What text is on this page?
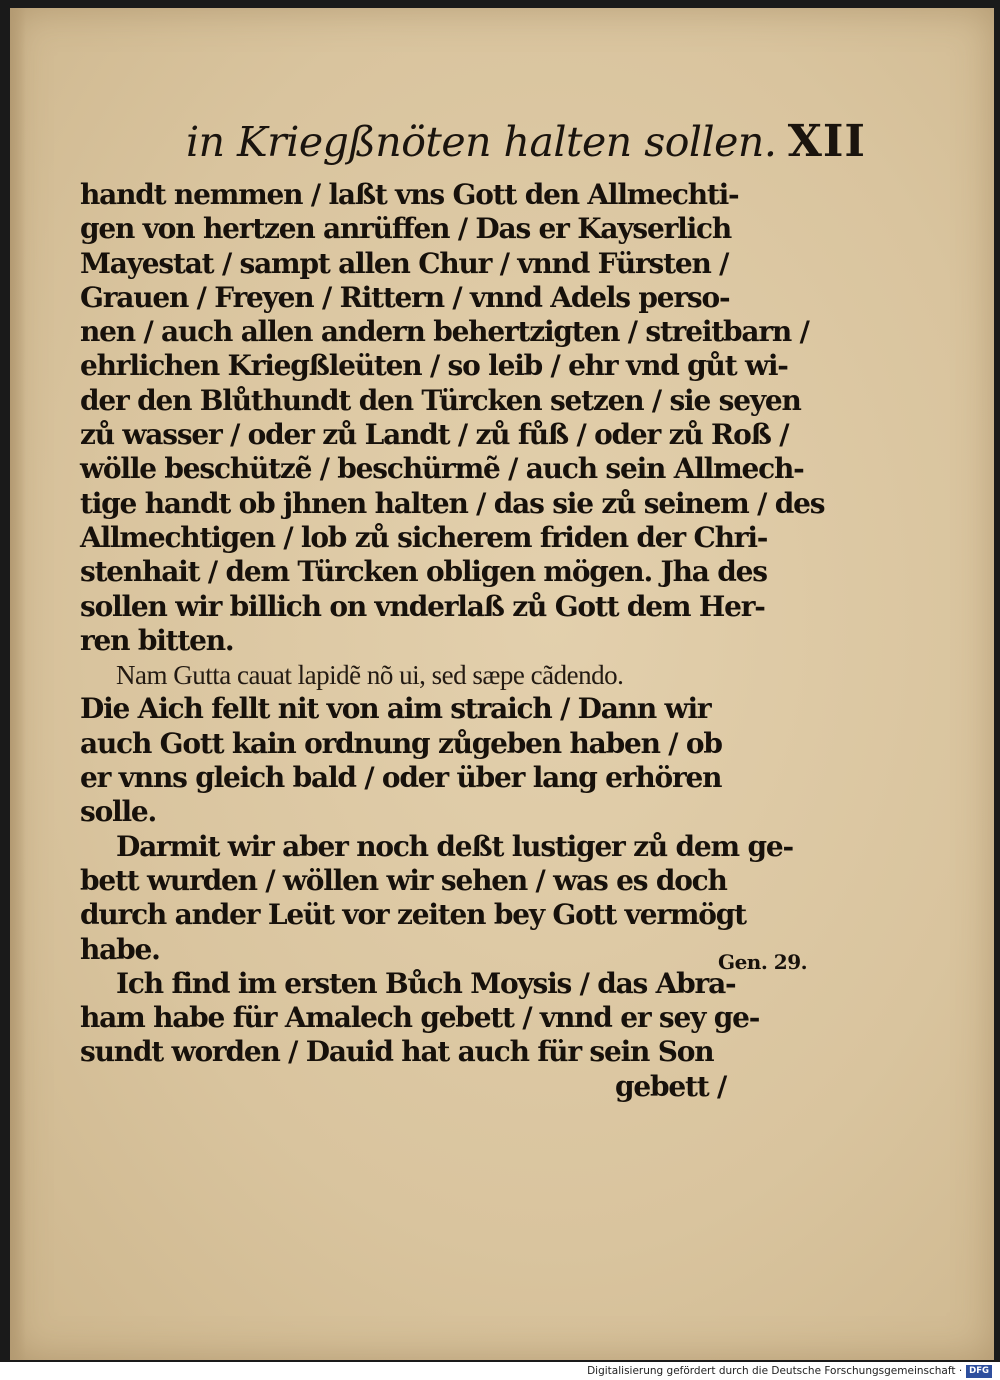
in Kriegßnöten halten sollen. XII
handt nemmen / laßt vns Gott den Allmechti-
gen von hertzen anrüffen / Das er Kayserlich
Mayestat / sampt allen Chur / vnnd Fürsten /
Grauen / Freyen / Rittern / vnnd Adels perso-
nen / auch allen andern behertzigten / streitbarn /
ehrlichen Kriegßleüten / so leib / ehr vnd gůt wi-
der den Blůthundt den Türcken setzen / sie seyen
zů wasser / oder zů Landt / zů fůß / oder zů Roß /
wölle beschützẽ / beschürmẽ / auch sein Allmech-
tige handt ob jhnen halten / das sie zů seinem / des
Allmechtigen / lob zů sicherem friden der Chri-
stenhait / dem Türcken obligen mögen. Jha des
sollen wir billich on vnderlaß zů Gott dem Her-
ren bitten.
Nam Gutta cauat lapidẽ nõ ui, sed sæpe cãdendo.
Die Aich fellt nit von aim straich / Dann wir
auch Gott kain ordnung zůgeben haben / ob
er vnns gleich bald / oder über lang erhören
solle.
Darmit wir aber noch deßt lustiger zů dem ge-
bett wurden / wöllen wir sehen / was es doch
durch ander Leüt vor zeiten bey Gott vermögt
habe.
Ich find im ersten Bůch Moysis / das Abra-
ham habe für Amalech gebett / vnnd er sey ge-
sundt worden / Dauid hat auch für sein Son
gebett /
Gen. 29.
Digitalisierung gefördert durch die Deutsche Forschungsgemeinschaft · DFG
